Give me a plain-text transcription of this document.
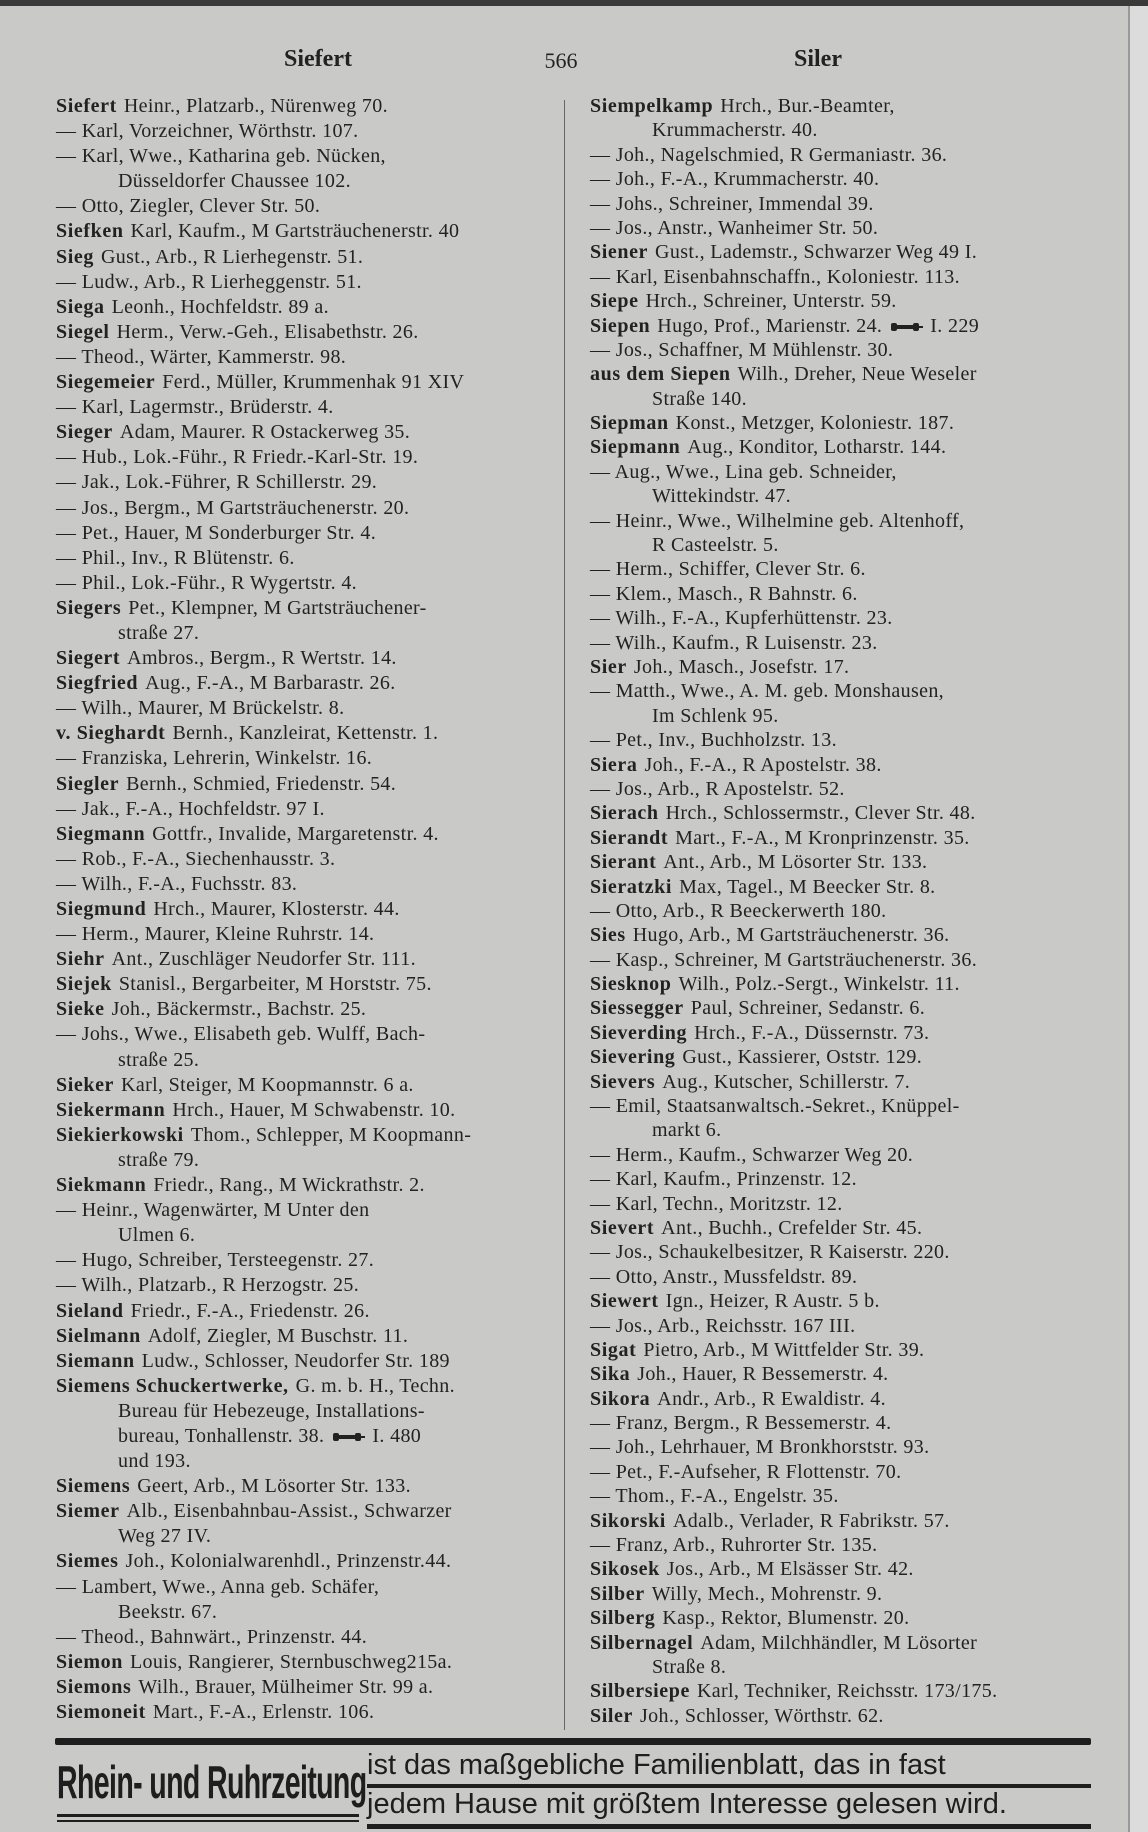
Siefert	566	Siler
Siefert Heinr., Platzarb., Nürenweg 70.
— Karl, Vorzeichner, Wörthstr. 107.
— Karl, Wwe., Katharina geb. Nücken,
Düsseldorfer Chaussee 102.
— Otto, Ziegler, Clever Str. 50.
Siefken Karl, Kaufm., M Gartsträuchenerstr. 40
Sieg Gust., Arb., R Lierhegenstr. 51.
— Ludw., Arb., R Lierheggenstr. 51.
Siega Leonh., Hochfeldstr. 89 a.
Siegel Herm., Verw.-Geh., Elisabethstr. 26.
— Theod., Wärter, Kammerstr. 98.
Siegemeier Ferd., Müller, Krummenhak 91 XIV
— Karl, Lagermstr., Brüderstr. 4.
Sieger Adam, Maurer. R Ostackerweg 35.
— Hub., Lok.-Führ., R Friedr.-Karl-Str. 19.
— Jak., Lok.-Führer, R Schillerstr. 29.
— Jos., Bergm., M Gartsträuchenerstr. 20.
— Pet., Hauer, M Sonderburger Str. 4.
— Phil., Inv., R Blütenstr. 6.
— Phil., Lok.-Führ., R Wygertstr. 4.
Siegers Pet., Klempner, M Gartsträuchener-
straße 27.
Siegert Ambros., Bergm., R Wertstr. 14.
Siegfried Aug., F.-A., M Barbarastr. 26.
— Wilh., Maurer, M Brückelstr. 8.
v. Sieghardt Bernh., Kanzleirat, Kettenstr. 1.
— Franziska, Lehrerin, Winkelstr. 16.
Siegler Bernh., Schmied, Friedenstr. 54.
— Jak., F.-A., Hochfeldstr. 97 I.
Siegmann Gottfr., Invalide, Margaretenstr. 4.
— Rob., F.-A., Siechenhausstr. 3.
— Wilh., F.-A., Fuchsstr. 83.
Siegmund Hrch., Maurer, Klosterstr. 44.
— Herm., Maurer, Kleine Ruhrstr. 14.
Siehr Ant., Zuschläger Neudorfer Str. 111.
Siejek Stanisl., Bergarbeiter, M Horststr. 75.
Sieke Joh., Bäckermstr., Bachstr. 25.
— Johs., Wwe., Elisabeth geb. Wulff, Bach-
straße 25.
Sieker Karl, Steiger, M Koopmannstr. 6 a.
Siekermann Hrch., Hauer, M Schwabenstr. 10.
Siekierkowski Thom., Schlepper, M Koopmann-
straße 79.
Siekmann Friedr., Rang., M Wickrathstr. 2.
— Heinr., Wagenwärter, M Unter den
Ulmen 6.
— Hugo, Schreiber, Tersteegenstr. 27.
— Wilh., Platzarb., R Herzogstr. 25.
Sieland Friedr., F.-A., Friedenstr. 26.
Sielmann Adolf, Ziegler, M Buschstr. 11.
Siemann Ludw., Schlosser, Neudorfer Str. 189
Siemens Schuckertwerke, G. m. b. H., Techn.
Bureau für Hebezeuge, Installations-
bureau, Tonhallenstr. 38. I. 480
und 193.
Siemens Geert, Arb., M Lösorter Str. 133.
Siemer Alb., Eisenbahnbau-Assist., Schwarzer
Weg 27 IV.
Siemes Joh., Kolonialwarenhdl., Prinzenstr.44.
— Lambert, Wwe., Anna geb. Schäfer,
Beekstr. 67.
— Theod., Bahnwärt., Prinzenstr. 44.
Siemon Louis, Rangierer, Sternbuschweg215a.
Siemons Wilh., Brauer, Mülheimer Str. 99 a.
Siemoneit Mart., F.-A., Erlenstr. 106.
Siempelkamp Hrch., Bur.-Beamter,
Krummacherstr. 40.
— Joh., Nagelschmied, R Germaniastr. 36.
— Joh., F.-A., Krummacherstr. 40.
— Johs., Schreiner, Immendal 39.
— Jos., Anstr., Wanheimer Str. 50.
Siener Gust., Lademstr., Schwarzer Weg 49 I.
— Karl, Eisenbahnschaffn., Koloniestr. 113.
Siepe Hrch., Schreiner, Unterstr. 59.
Siepen Hugo, Prof., Marienstr. 24. I. 229
— Jos., Schaffner, M Mühlenstr. 30.
aus dem Siepen Wilh., Dreher, Neue Weseler
Straße 140.
Siepman Konst., Metzger, Koloniestr. 187.
Siepmann Aug., Konditor, Lotharstr. 144.
— Aug., Wwe., Lina geb. Schneider,
Wittekindstr. 47.
— Heinr., Wwe., Wilhelmine geb. Altenhoff,
R Casteelstr. 5.
— Herm., Schiffer, Clever Str. 6.
— Klem., Masch., R Bahnstr. 6.
— Wilh., F.-A., Kupferhüttenstr. 23.
— Wilh., Kaufm., R Luisenstr. 23.
Sier Joh., Masch., Josefstr. 17.
— Matth., Wwe., A. M. geb. Monshausen,
Im Schlenk 95.
— Pet., Inv., Buchholzstr. 13.
Siera Joh., F.-A., R Apostelstr. 38.
— Jos., Arb., R Apostelstr. 52.
Sierach Hrch., Schlossermstr., Clever Str. 48.
Sierandt Mart., F.-A., M Kronprinzenstr. 35.
Sierant Ant., Arb., M Lösorter Str. 133.
Sieratzki Max, Tagel., M Beecker Str. 8.
— Otto, Arb., R Beeckerwerth 180.
Sies Hugo, Arb., M Gartsträuchenerstr. 36.
— Kasp., Schreiner, M Gartsträuchenerstr. 36.
Siesknop Wilh., Polz.-Sergt., Winkelstr. 11.
Siessegger Paul, Schreiner, Sedanstr. 6.
Sieverding Hrch., F.-A., Düssernstr. 73.
Sievering Gust., Kassierer, Oststr. 129.
Sievers Aug., Kutscher, Schillerstr. 7.
— Emil, Staatsanwaltsch.-Sekret., Knüppel-
markt 6.
— Herm., Kaufm., Schwarzer Weg 20.
— Karl, Kaufm., Prinzenstr. 12.
— Karl, Techn., Moritzstr. 12.
Sievert Ant., Buchh., Crefelder Str. 45.
— Jos., Schaukelbesitzer, R Kaiserstr. 220.
— Otto, Anstr., Mussfeldstr. 89.
Siewert Ign., Heizer, R Austr. 5 b.
— Jos., Arb., Reichsstr. 167 III.
Sigat Pietro, Arb., M Wittfelder Str. 39.
Sika Joh., Hauer, R Bessemerstr. 4.
Sikora Andr., Arb., R Ewaldistr. 4.
— Franz, Bergm., R Bessemerstr. 4.
— Joh., Lehrhauer, M Bronkhorststr. 93.
— Pet., F.-Aufseher, R Flottenstr. 70.
— Thom., F.-A., Engelstr. 35.
Sikorski Adalb., Verlader, R Fabrikstr. 57.
— Franz, Arb., Ruhrorter Str. 135.
Sikosek Jos., Arb., M Elsässer Str. 42.
Silber Willy, Mech., Mohrenstr. 9.
Silberg Kasp., Rektor, Blumenstr. 20.
Silbernagel Adam, Milchhändler, M Lösorter
Straße 8.
Silbersiepe Karl, Techniker, Reichsstr. 173/175.
Siler Joh., Schlosser, Wörthstr. 62.
Rhein- und Ruhrzeitung ist das maßgebliche Familienblatt, das in fast
jedem Hause mit größtem Interesse gelesen wird.
